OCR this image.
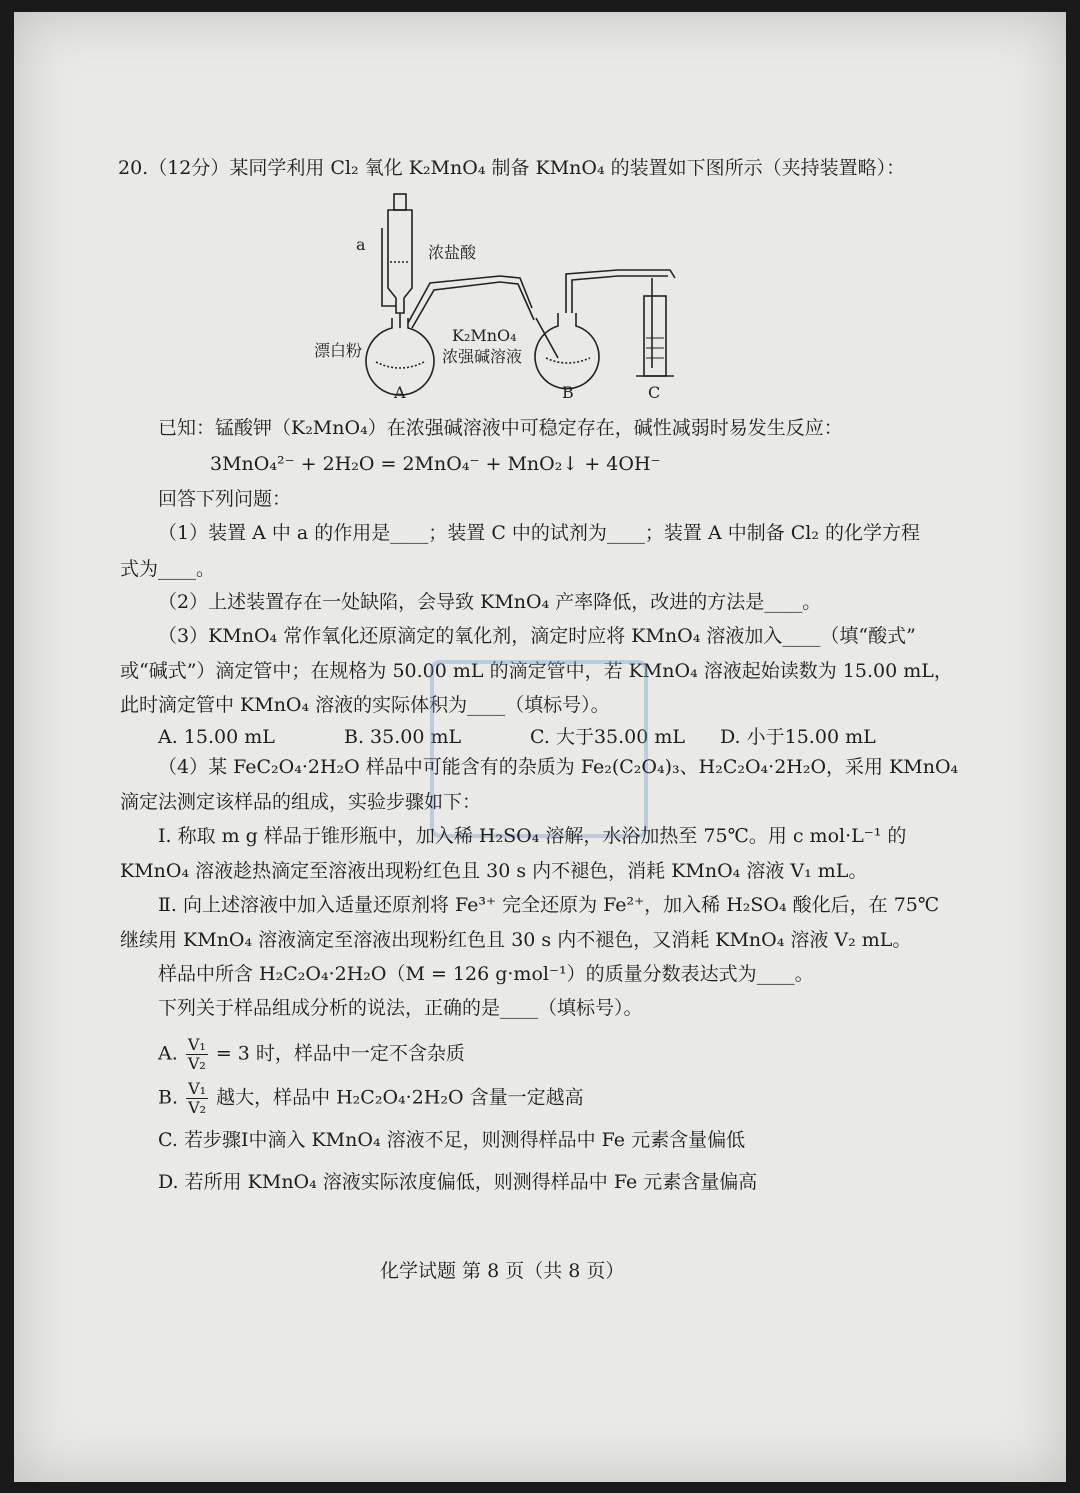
20.（12分）某同学利用 Cl₂ 氧化 K₂MnO₄ 制备 KMnO₄ 的装置如下图所示（夹持装置略）：
a	浓盐酸
漂白粉
K₂MnO₄
浓强碱溶液
A	B	C
已知：锰酸钾（K₂MnO₄）在浓强碱溶液中可稳定存在，碱性减弱时易发生反应：
3MnO₄²⁻ + 2H₂O = 2MnO₄⁻ + MnO₂↓ + 4OH⁻
回答下列问题：
（1）装置 A 中 a 的作用是____；装置 C 中的试剂为____；装置 A 中制备 Cl₂ 的化学方程
式为____。
（2）上述装置存在一处缺陷，会导致 KMnO₄ 产率降低，改进的方法是____。
（3）KMnO₄ 常作氧化还原滴定的氧化剂，滴定时应将 KMnO₄ 溶液加入____（填“酸式”
或“碱式”）滴定管中；在规格为 50.00 mL 的滴定管中，若 KMnO₄ 溶液起始读数为 15.00 mL，
此时滴定管中 KMnO₄ 溶液的实际体积为____（填标号）。
A. 15.00 mL	B. 35.00 mL	C. 大于35.00 mL D. 小于15.00 mL
（4）某 FeC₂O₄·2H₂O 样品中可能含有的杂质为 Fe₂(C₂O₄)₃、H₂C₂O₄·2H₂O，采用 KMnO₄
滴定法测定该样品的组成，实验步骤如下：
Ⅰ. 称取 m g 样品于锥形瓶中，加入稀 H₂SO₄ 溶解，水浴加热至 75℃。用 c mol·L⁻¹ 的
KMnO₄ 溶液趁热滴定至溶液出现粉红色且 30 s 内不褪色，消耗 KMnO₄ 溶液 V₁ mL。
Ⅱ. 向上述溶液中加入适量还原剂将 Fe³⁺ 完全还原为 Fe²⁺，加入稀 H₂SO₄ 酸化后，在 75℃
继续用 KMnO₄ 溶液滴定至溶液出现粉红色且 30 s 内不褪色，又消耗 KMnO₄ 溶液 V₂ mL。
样品中所含 H₂C₂O₄·2H₂O（M = 126 g·mol⁻¹）的质量分数表达式为____。
下列关于样品组成分析的说法，正确的是____（填标号）。
A. $\frac{\text{V₁}}{\text{V₂}} = 3$ 时，样品中一定不含杂质
B. $\frac{\text{V₁}}{\text{V₂}}$ 越大，样品中 H₂C₂O₄·2H₂O 含量一定越高
C. 若步骤Ⅰ中滴入 KMnO₄ 溶液不足，则测得样品中 Fe 元素含量偏低
D. 若所用 KMnO₄ 溶液实际浓度偏低，则测得样品中 Fe 元素含量偏高
化学试题 第 8 页（共 8 页）
